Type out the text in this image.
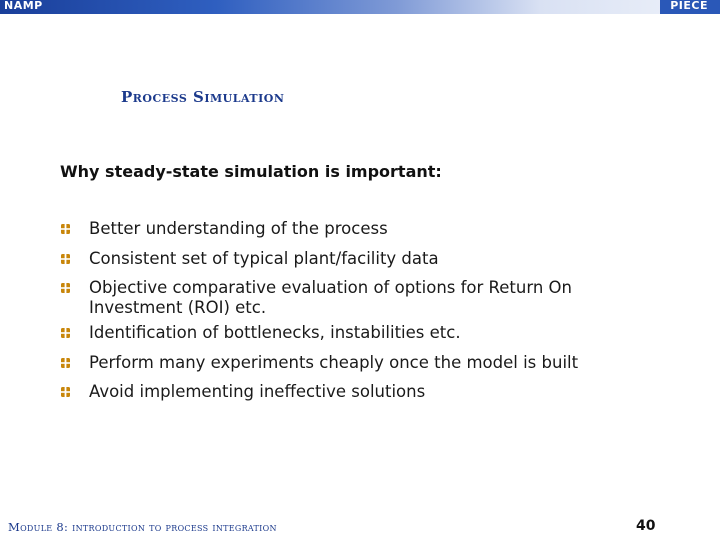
NAMP	PIECE
Process Simulation

Why steady-state simulation is important:

Better understanding of the process
Consistent set of typical plant/facility data
Objective comparative evaluation of options for Return On Investment (ROI) etc.
Identification of bottlenecks, instabilities etc.
Perform many experiments cheaply once the model is built
Avoid implementing ineffective solutions

Module 8: introduction to process integration	40
